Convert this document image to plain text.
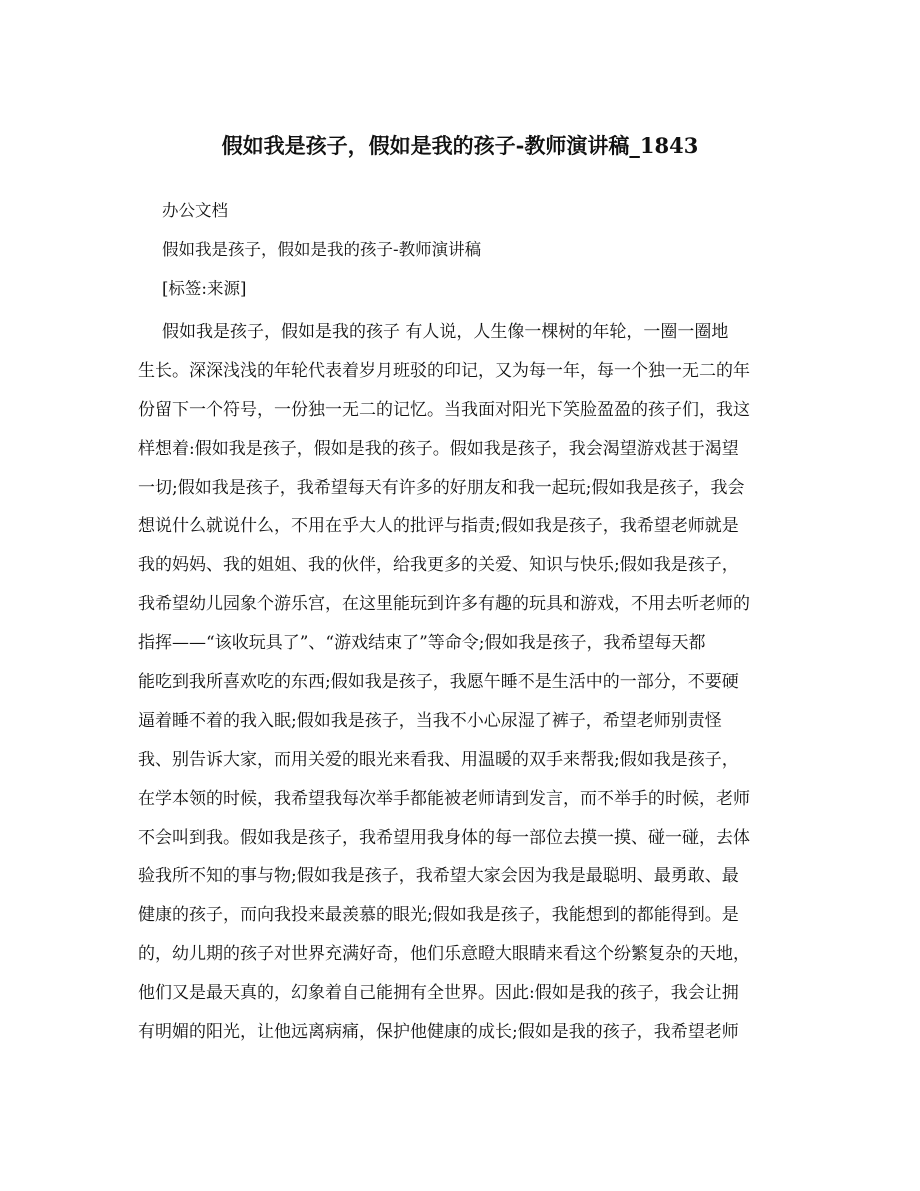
假如我是孩子，假如是我的孩子-教师演讲稿_1843
办公文档
假如我是孩子，假如是我的孩子-教师演讲稿
[标签:来源]
假如我是孩子，假如是我的孩子 有人说，人生像一棵树的年轮，一圈一圈地
生长。深深浅浅的年轮代表着岁月班驳的印记，又为每一年，每一个独一无二的年
份留下一个符号，一份独一无二的记忆。当我面对阳光下笑脸盈盈的孩子们，我这
样想着:假如我是孩子，假如是我的孩子。假如我是孩子，我会渴望游戏甚于渴望
一切;假如我是孩子，我希望每天有许多的好朋友和我一起玩;假如我是孩子，我会
想说什么就说什么，不用在乎大人的批评与指责;假如我是孩子，我希望老师就是
我的妈妈、我的姐姐、我的伙伴，给我更多的关爱、知识与快乐;假如我是孩子，
我希望幼儿园象个游乐宫，在这里能玩到许多有趣的玩具和游戏，不用去听老师的
指挥——“该收玩具了”、“游戏结束了”等命令;假如我是孩子，我希望每天都
能吃到我所喜欢吃的东西;假如我是孩子，我愿午睡不是生活中的一部分，不要硬
逼着睡不着的我入眠;假如我是孩子，当我不小心尿湿了裤子，希望老师别责怪
我、别告诉大家，而用关爱的眼光来看我、用温暖的双手来帮我;假如我是孩子，
在学本领的时候，我希望我每次举手都能被老师请到发言，而不举手的时候，老师
不会叫到我。假如我是孩子，我希望用我身体的每一部位去摸一摸、碰一碰，去体
验我所不知的事与物;假如我是孩子，我希望大家会因为我是最聪明、最勇敢、最
健康的孩子，而向我投来最羡慕的眼光;假如我是孩子，我能想到的都能得到。是
的，幼儿期的孩子对世界充满好奇，他们乐意瞪大眼睛来看这个纷繁复杂的天地，
他们又是最天真的，幻象着自己能拥有全世界。因此:假如是我的孩子，我会让拥
有明媚的阳光，让他远离病痛，保护他健康的成长;假如是我的孩子，我希望老师
